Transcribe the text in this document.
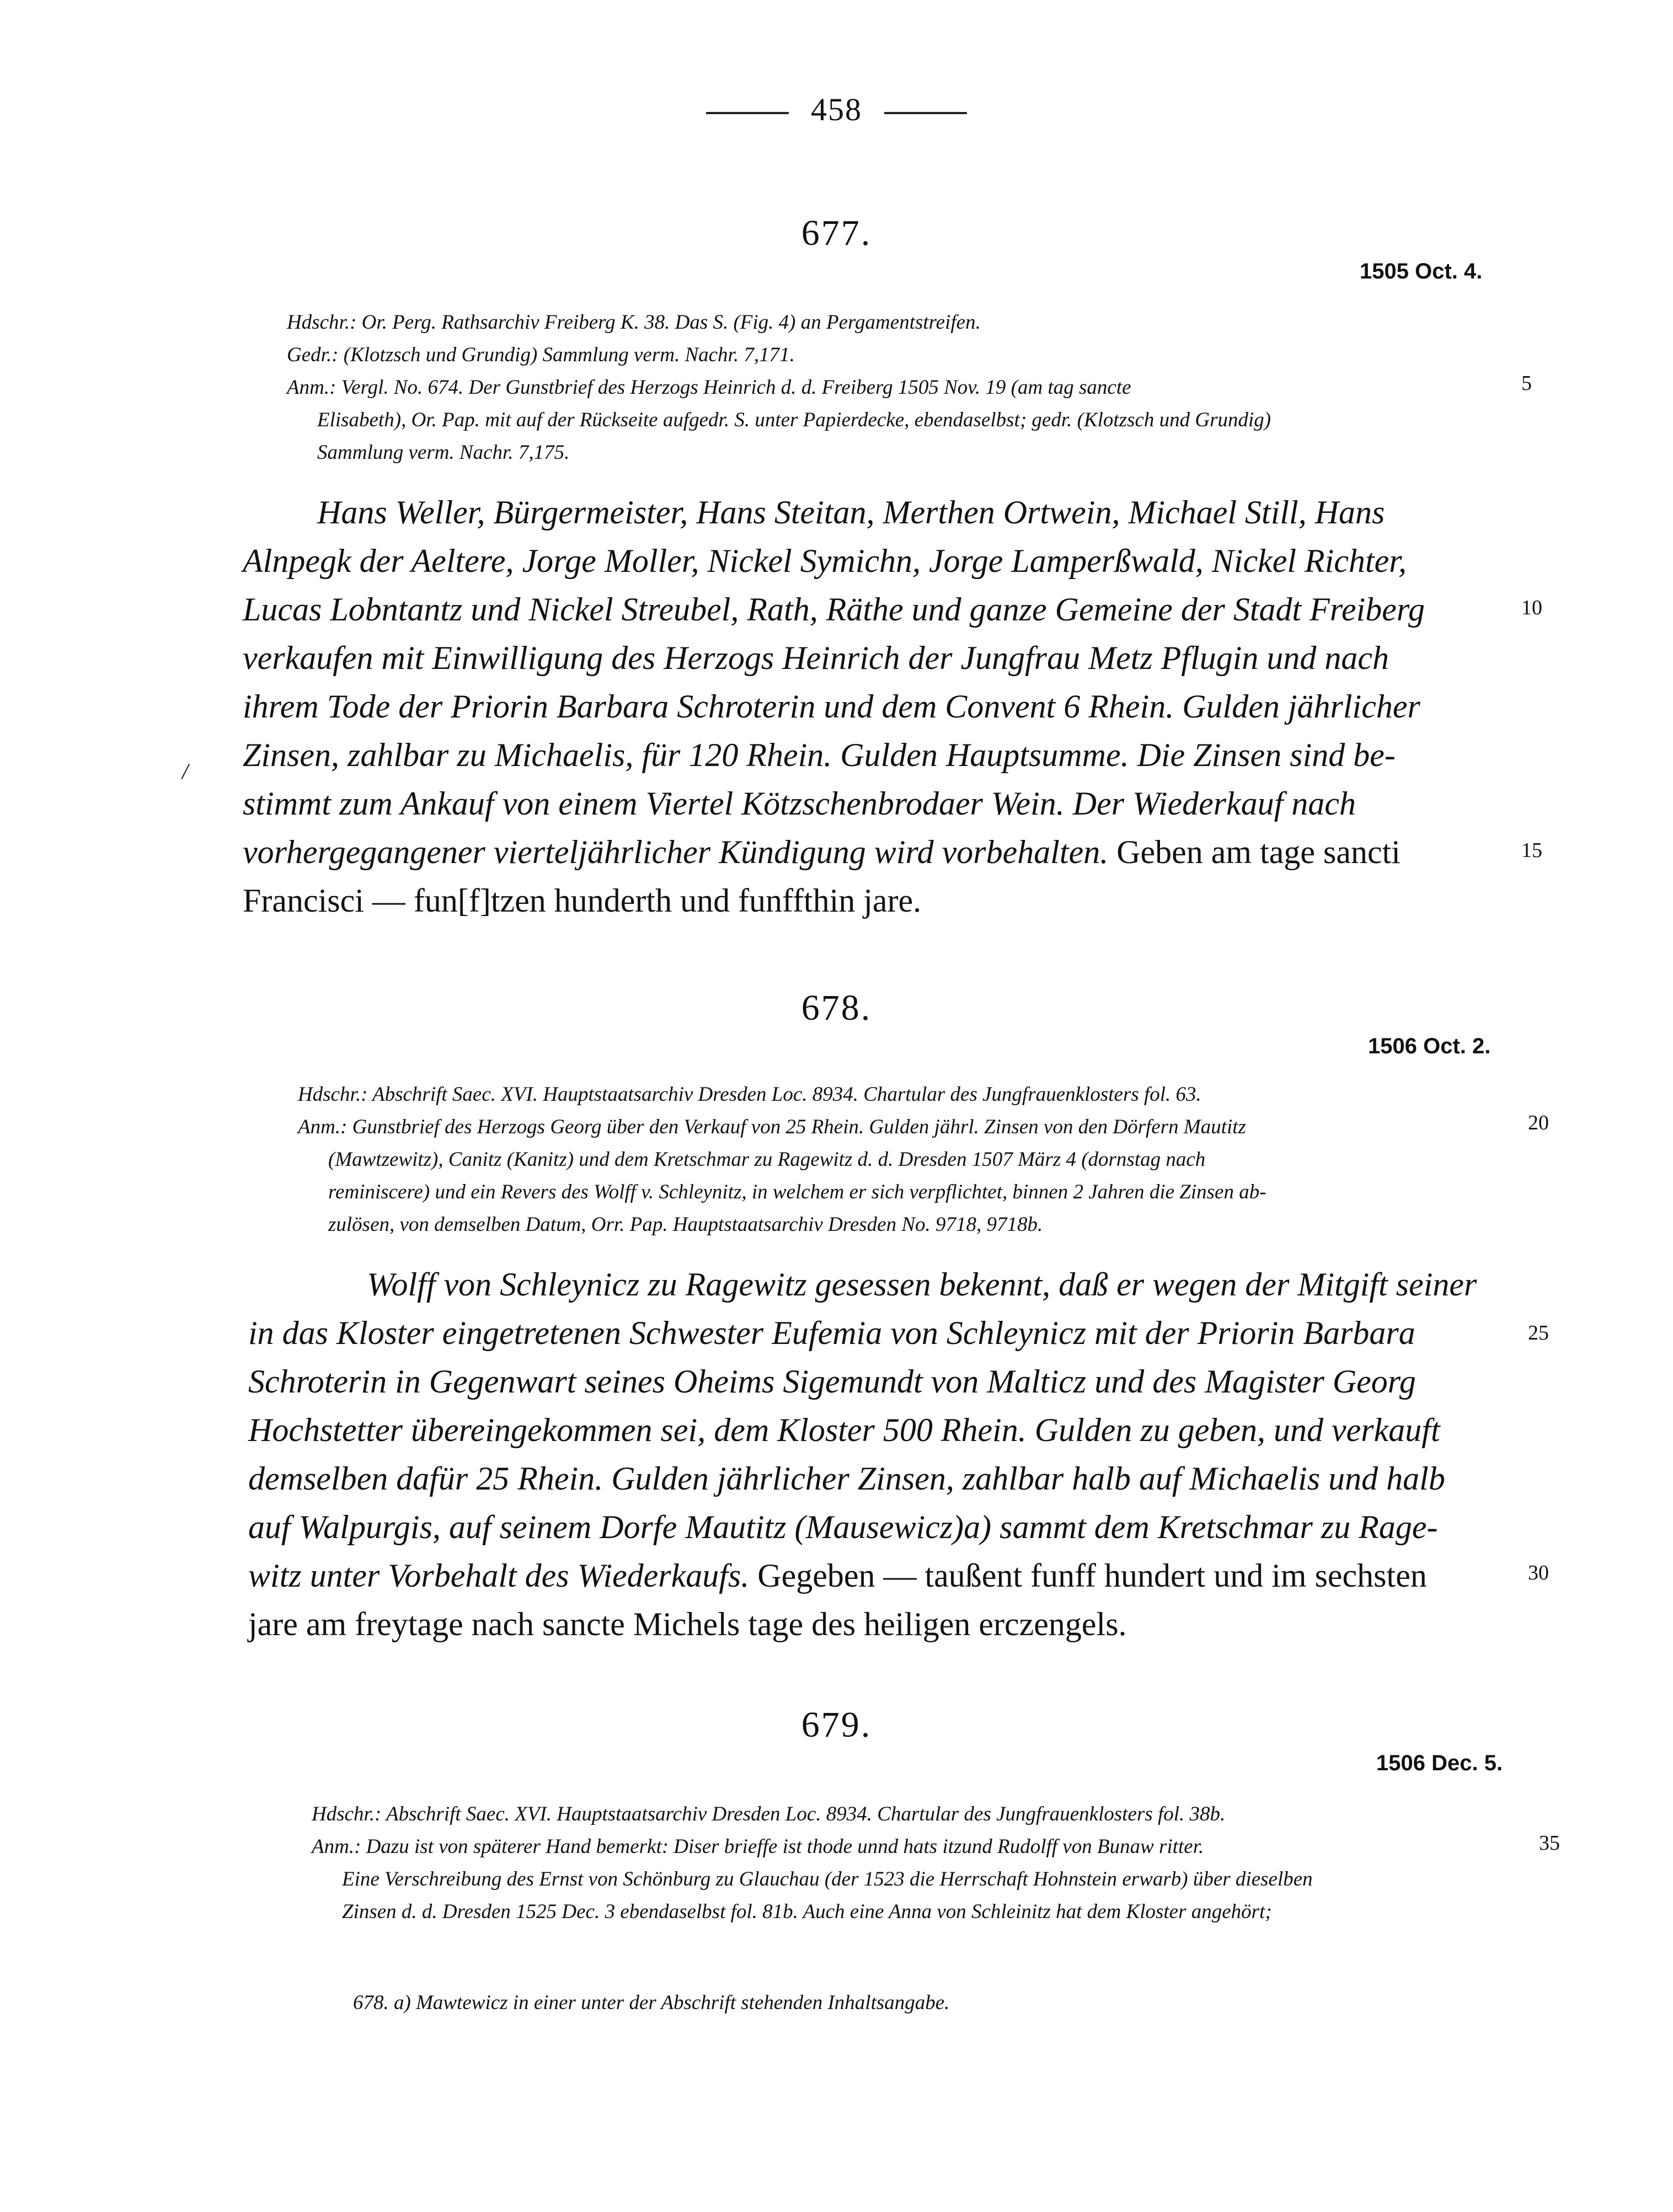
458
677.
1505 Oct. 4.
Hdschr.: Or. Perg. Rathsarchiv Freiberg K. 38. Das S. (Fig. 4) an Pergamentstreifen.
Gedr.: (Klotzsch und Grundig) Sammlung verm. Nachr. 7,171.
Anm.: Vergl. No. 674. Der Gunstbrief des Herzogs Heinrich d. d. Freiberg 1505 Nov. 19 (am tag sancte
Elisabeth), Or. Pap. mit auf der Rückseite aufgedr. S. unter Papierdecke, ebendaselbst; gedr. (Klotzsch und Grundig)
Sammlung verm. Nachr. 7,175.
5
Hans Weller, Bürgermeister, Hans Steitan, Merthen Ortwein, Michael Still, Hans
Alnpegk der Aeltere, Jorge Moller, Nickel Symichn, Jorge Lamperßwald, Nickel Richter,
Lucas Lobntantz und Nickel Streubel, Rath, Räthe und ganze Gemeine der Stadt Freiberg
verkaufen mit Einwilligung des Herzogs Heinrich der Jungfrau Metz Pflugin und nach
ihrem Tode der Priorin Barbara Schroterin und dem Convent 6 Rhein. Gulden jährlicher
Zinsen, zahlbar zu Michaelis, für 120 Rhein. Gulden Hauptsumme. Die Zinsen sind be-
stimmt zum Ankauf von einem Viertel Kötzschenbrodaer Wein. Der Wiederkauf nach
vorhergegangener vierteljährlicher Kündigung wird vorbehalten. Geben am tage sancti
Francisci — fun[f]tzen hunderth und funffthin jare.
10
15
/
678.
1506 Oct. 2.
Hdschr.: Abschrift Saec. XVI. Hauptstaatsarchiv Dresden Loc. 8934. Chartular des Jungfrauenklosters fol. 63.
Anm.: Gunstbrief des Herzogs Georg über den Verkauf von 25 Rhein. Gulden jährl. Zinsen von den Dörfern Mautitz
(Mawtzewitz), Canitz (Kanitz) und dem Kretschmar zu Ragewitz d. d. Dresden 1507 März 4 (dornstag nach
reminiscere) und ein Revers des Wolff v. Schleynitz, in welchem er sich verpflichtet, binnen 2 Jahren die Zinsen ab-
zulösen, von demselben Datum, Orr. Pap. Hauptstaatsarchiv Dresden No. 9718, 9718b.
20
Wolff von Schleynicz zu Ragewitz gesessen bekennt, daß er wegen der Mitgift seiner
in das Kloster eingetretenen Schwester Eufemia von Schleynicz mit der Priorin Barbara
Schroterin in Gegenwart seines Oheims Sigemundt von Malticz und des Magister Georg
Hochstetter übereingekommen sei, dem Kloster 500 Rhein. Gulden zu geben, und verkauft
demselben dafür 25 Rhein. Gulden jährlicher Zinsen, zahlbar halb auf Michaelis und halb
auf Walpurgis, auf seinem Dorfe Mautitz (Mausewicz)a) sammt dem Kretschmar zu Rage-
witz unter Vorbehalt des Wiederkaufs. Gegeben — taußent funff hundert und im sechsten
jare am freytage nach sancte Michels tage des heiligen erczengels.
25
30
679.
1506 Dec. 5.
Hdschr.: Abschrift Saec. XVI. Hauptstaatsarchiv Dresden Loc. 8934. Chartular des Jungfrauenklosters fol. 38b.
Anm.: Dazu ist von späterer Hand bemerkt: Diser brieffe ist thode unnd hats itzund Rudolff von Bunaw ritter.
Eine Verschreibung des Ernst von Schönburg zu Glauchau (der 1523 die Herrschaft Hohnstein erwarb) über dieselben
Zinsen d. d. Dresden 1525 Dec. 3 ebendaselbst fol. 81b. Auch eine Anna von Schleinitz hat dem Kloster angehört;
35
678. a) Mawtewicz in einer unter der Abschrift stehenden Inhaltsangabe.
